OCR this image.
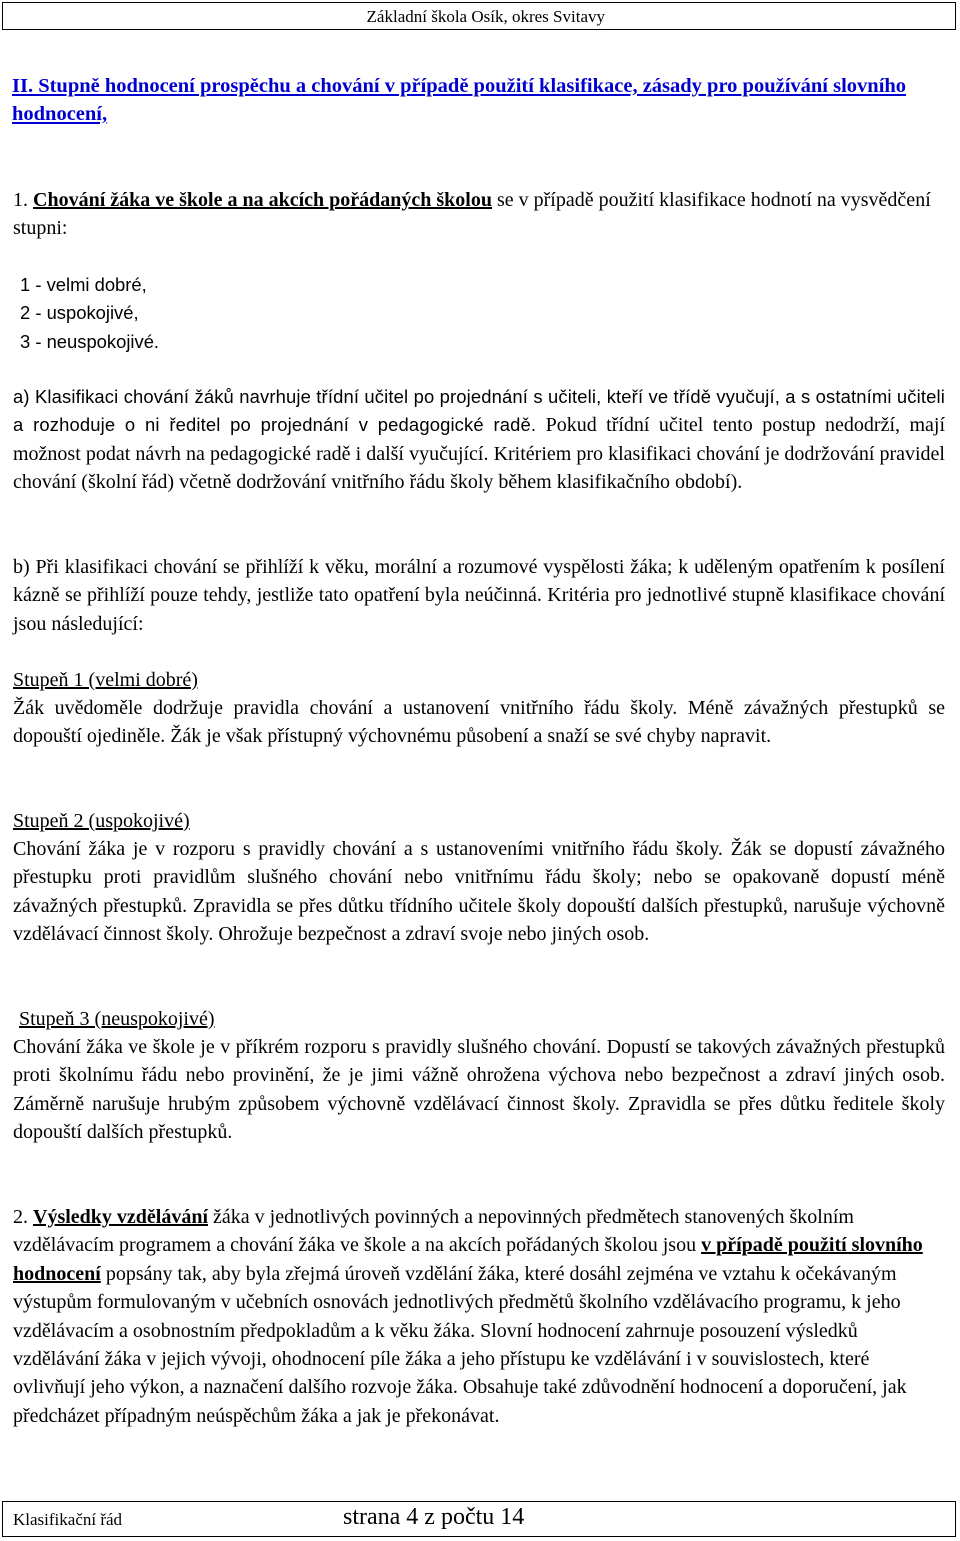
Základní škola Osík, okres Svitavy
II. Stupně hodnocení prospěchu a chování v případě použití klasifikace, zásady pro používání slovního hodnocení,
1. Chování žáka ve škole a na akcích pořádaných školou se v případě použití klasifikace hodnotí na vysvědčení stupni:
1 - velmi dobré,
2 - uspokojivé,
3 - neuspokojivé.
a) Klasifikaci chování žáků navrhuje třídní učitel po projednání s učiteli, kteří ve třídě vyučují, a s ostatními učiteli a rozhoduje o ni ředitel po projednání v pedagogické radě. Pokud třídní učitel tento postup nedodrží, mají možnost podat návrh na pedagogické radě i další vyučující. Kritériem pro klasifikaci chování je dodržování pravidel chování (školní řád) včetně dodržování vnitřního řádu školy během klasifikačního období).
b) Při klasifikaci chování se přihlíží k věku, morální a rozumové vyspělosti žáka; k uděleným opatřením k posílení kázně se přihlíží pouze tehdy, jestliže tato opatření byla neúčinná. Kritéria pro jednotlivé stupně klasifikace chování jsou následující:
Stupeň 1 (velmi dobré)
Žák uvědoměle dodržuje pravidla chování a ustanovení vnitřního řádu školy. Méně závažných přestupků se dopouští ojediněle. Žák je však přístupný výchovnému působení a snaží se své chyby napravit.
Stupeň 2 (uspokojivé)
Chování žáka je v rozporu s pravidly chování a s ustanoveními vnitřního řádu školy. Žák se dopustí závažného přestupku proti pravidlům slušného chování nebo vnitřnímu řádu školy; nebo se opakovaně dopustí méně závažných přestupků. Zpravidla se přes důtku třídního učitele školy dopouští dalších přestupků, narušuje výchovně vzdělávací činnost školy. Ohrožuje bezpečnost a zdraví svoje nebo jiných osob.
Stupeň 3 (neuspokojivé)
Chování žáka ve škole je v příkrém rozporu s pravidly slušného chování. Dopustí se takových závažných přestupků proti školnímu řádu nebo provinění, že je jimi vážně ohrožena výchova nebo bezpečnost a zdraví jiných osob. Záměrně narušuje hrubým způsobem výchovně vzdělávací činnost školy. Zpravidla se přes důtku ředitele školy dopouští dalších přestupků.
2. Výsledky vzdělávání žáka v jednotlivých povinných a nepovinných předmětech stanovených školním vzdělávacím programem a chování žáka ve škole a na akcích pořádaných školou jsou v případě použití slovního hodnocení popsány tak, aby byla zřejmá úroveň vzdělání žáka, které dosáhl zejména ve vztahu k očekávaným výstupům formulovaným v učebních osnovách jednotlivých předmětů školního vzdělávacího programu, k jeho vzdělávacím a osobnostním předpokladům a k věku žáka. Slovní hodnocení zahrnuje posouzení výsledků vzdělávání žáka v jejich vývoji, ohodnocení píle žáka a jeho přístupu ke vzdělávání i v souvislostech, které ovlivňují jeho výkon, a naznačení dalšího rozvoje žáka. Obsahuje také zdůvodnění hodnocení a doporučení, jak předcházet případným neúspěchům žáka a jak je překonávat.
Klasifikační řád	strana 4 z počtu 14
